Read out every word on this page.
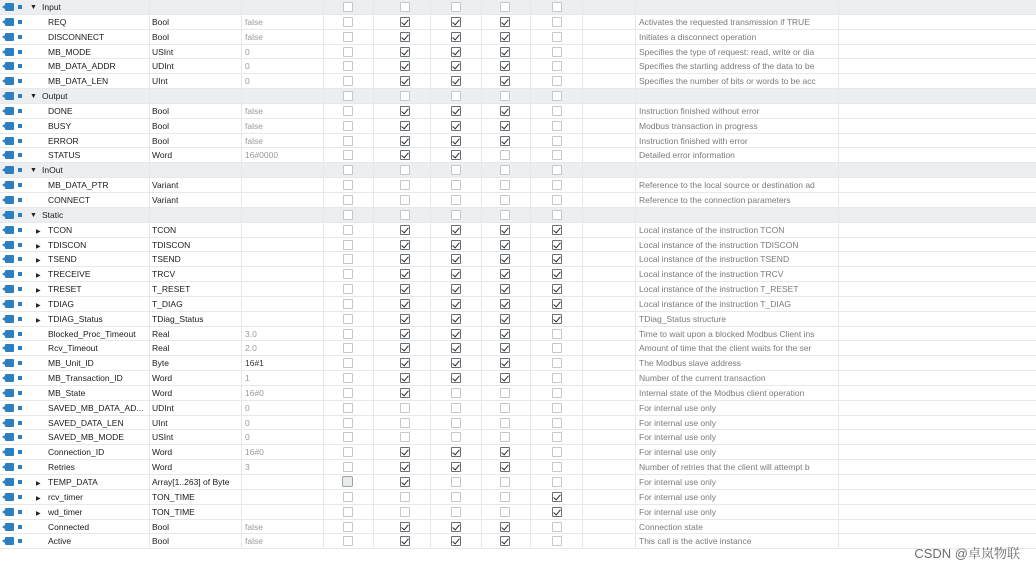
▼ Input
REQ	Bool	false	Activates the requested transmission if TRUE
DISCONNECT	Bool	false	Initiates a disconnect operation
MB_MODE	USInt	0	Specifies the type of request: read, write or dia
MB_DATA_ADDR	UDInt	0	Specifies the starting address of the data to be
MB_DATA_LEN	UInt	0	Specifies the number of bits or words to be acc
▼ Output
DONE	Bool	false	Instruction finished without error
BUSY	Bool	false	Modbus transaction in progress
ERROR	Bool	false	Instruction finished with error
STATUS	Word	16#0000	Detailed error information
▼ InOut
MB_DATA_PTR	Variant	Reference to the local source or destination ad
CONNECT	Variant	Reference to the connection parameters
▼ Static
▶ TCON	TCON	Local instance of the instruction TCON
▶ TDISCON	TDISCON	Local instance of the instruction TDISCON
▶ TSEND	TSEND	Local instance of the instruction TSEND
▶ TRECEIVE	TRCV	Local instance of the instruction TRCV
▶ TRESET	T_RESET	Local instance of the instruction T_RESET
▶ TDIAG	T_DIAG	Local instance of the instruction T_DIAG
▶ TDIAG_Status	TDiag_Status	TDiag_Status structure
Blocked_Proc_Timeout Real	3.0	Time to wait upon a blocked Modbus Client ins
Rcv_Timeout	Real	2.0	Amount of time that the client waits for the ser
MB_Unit_ID	Byte	16#1	The Modbus slave address
MB_Transaction_ID	Word	1	Number of the current transaction
MB_State	Word	16#0	Internal state of the Modbus client operation
SAVED_MB_DATA_AD... UDInt	0	For internal use only
SAVED_DATA_LEN	UInt	0	For internal use only
SAVED_MB_MODE	USInt	0	For internal use only
Connection_ID	Word	16#0	For internal use only
Retries	Word	3	Number of retries that the client will attempt b
▶ TEMP_DATA	Array[1..263] of Byte	For internal use only
▶ rcv_timer	TON_TIME	For internal use only
▶ wd_timer	TON_TIME	For internal use only
Connected	Bool	false	Connection state
Active	Bool	false	This call is the active instance
CSDN @卓岚物联
